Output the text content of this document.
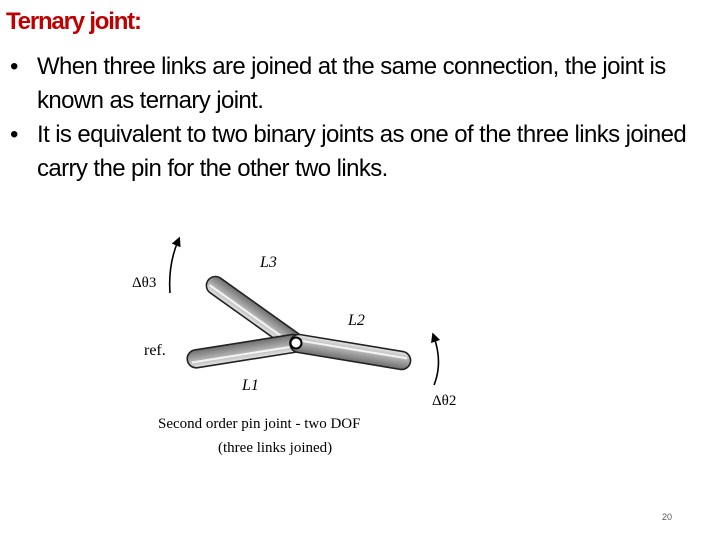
Ternary joint:
• When three links are joined at the same connection, the joint is known as ternary joint.
• It is equivalent to two binary joints as one of the three links joined carry the pin for the other two links.
L3
L2
L1
ref.
Δθ3
Δθ2
Second order pin joint - two DOF
(three links joined)
20
